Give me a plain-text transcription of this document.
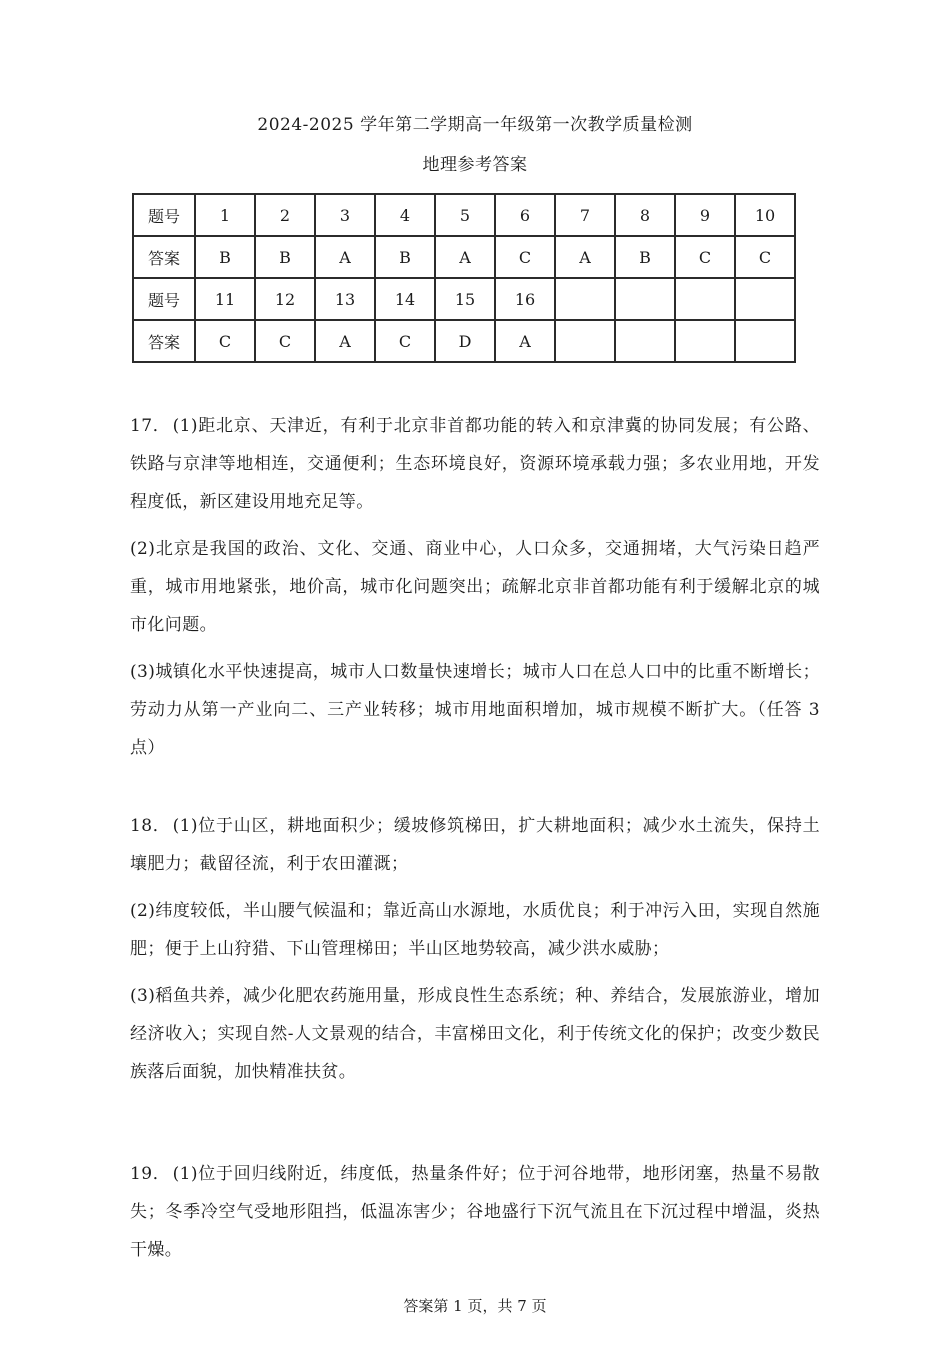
2024-2025 学年第二学期高一年级第一次教学质量检测
地理参考答案
题号	1	2	3	4	5	6	7	8	9	10
答案	B	B	A	B	A	C	A	B	C	C
题号	11	12	13	14	15	16				
答案	C	C	A	C	D	A				

17． (1)距北京、天津近，有利于北京非首都功能的转入和京津冀的协同发展；有公路、铁路与京津等地相连，交通便利；生态环境良好，资源环境承载力强；多农业用地，开发程度低，新区建设用地充足等。

(2)北京是我国的政治、文化、交通、商业中心，人口众多，交通拥堵，大气污染日趋严重，城市用地紧张，地价高，城市化问题突出；疏解北京非首都功能有利于缓解北京的城市化问题。

(3)城镇化水平快速提高，城市人口数量快速增长；城市人口在总人口中的比重不断增长；劳动力从第一产业向二、三产业转移；城市用地面积增加，城市规模不断扩大。（任答 3 点）

18． (1)位于山区，耕地面积少；缓坡修筑梯田，扩大耕地面积；减少水土流失，保持土壤肥力；截留径流，利于农田灌溉；

(2)纬度较低，半山腰气候温和；靠近高山水源地，水质优良；利于冲污入田，实现自然施肥；便于上山狩猎、下山管理梯田；半山区地势较高，减少洪水威胁；

(3)稻鱼共养，减少化肥农药施用量，形成良性生态系统；种、养结合，发展旅游业，增加经济收入；实现自然-人文景观的结合，丰富梯田文化，利于传统文化的保护；改变少数民族落后面貌，加快精准扶贫。

19． (1)位于回归线附近，纬度低，热量条件好；位于河谷地带，地形闭塞，热量不易散失；冬季冷空气受地形阻挡，低温冻害少；谷地盛行下沉气流且在下沉过程中增温，炎热干燥。

答案第 1 页，共 7 页
